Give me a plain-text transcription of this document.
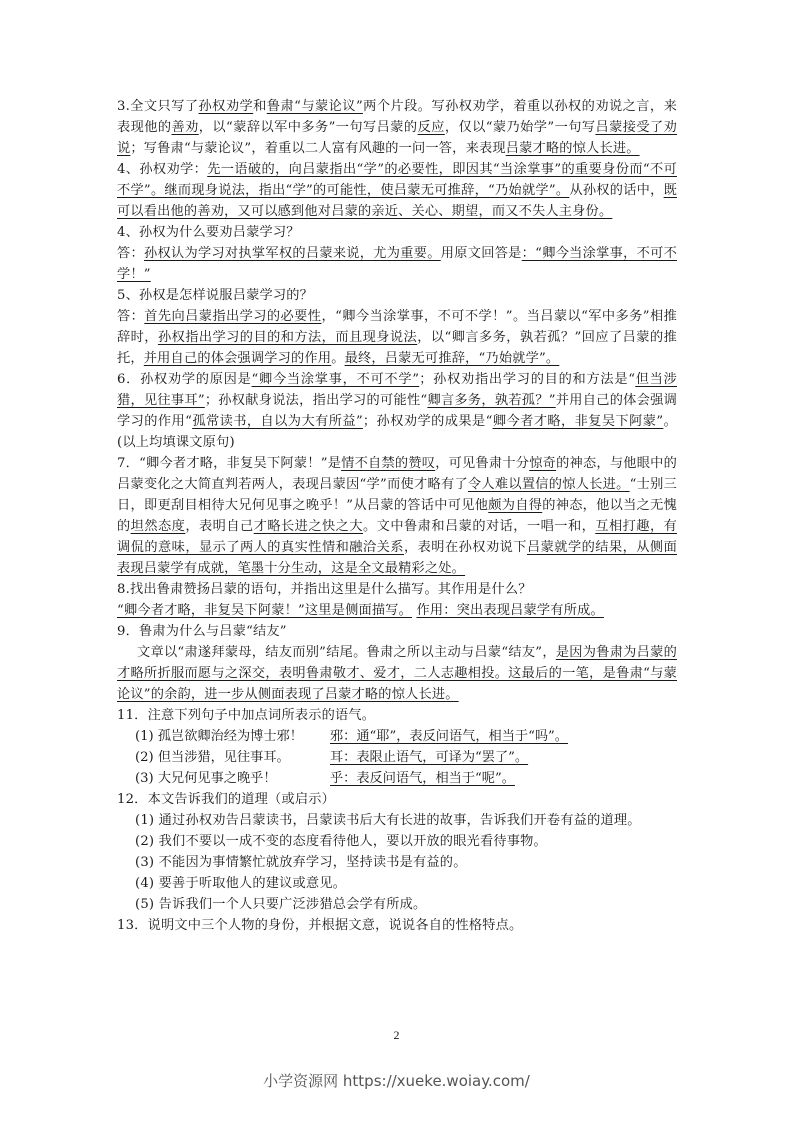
3.全文只写了孙权劝学和鲁肃“与蒙论议”两个片段。写孙权劝学，着重以孙权的劝说之言，来表现他的善劝，以“蒙辞以军中多务”一句写吕蒙的反应，仅以“蒙乃始学”一句写吕蒙接受了劝说；写鲁肃“与蒙论议”，着重以二人富有风趣的一问一答，来表现吕蒙才略的惊人长进。

4、孙权劝学：先一语破的，向吕蒙指出“学”的必要性，即因其“当涂掌事”的重要身份而“不可不学”。继而现身说法，指出“学”的可能性，使吕蒙无可推辞，“乃始就学”。从孙权的话中，既可以看出他的善劝，又可以感到他对吕蒙的亲近、关心、期望，而又不失人主身份。

4、孙权为什么要劝吕蒙学习？

答：孙权认为学习对执掌军权的吕蒙来说，尤为重要。用原文回答是：“卿今当涂掌事，不可不学！”

5、孙权是怎样说服吕蒙学习的？

答：首先向吕蒙指出学习的必要性，“卿今当涂掌事，不可不学！”。当吕蒙以“军中多务”相推辞时，孙权指出学习的目的和方法，而且现身说法，以“卿言多务，孰若孤？”回应了吕蒙的推托，并用自己的体会强调学习的作用。最终，吕蒙无可推辞，“乃始就学”。

6．孙权劝学的原因是“卿今当涂掌事，不可不学”；孙权劝指出学习的目的和方法是“但当涉猎，见往事耳”；孙权献身说法，指出学习的可能性“卿言多务，孰若孤？”并用自己的体会强调学习的作用“孤常读书，自以为大有所益”；孙权劝学的成果是“卿今者才略，非复吴下阿蒙”。(以上均填课文原句)

7．“卿今者才略，非复吴下阿蒙！”是情不自禁的赞叹，可见鲁肃十分惊奇的神态，与他眼中的吕蒙变化之大简直判若两人，表现吕蒙因“学”而使才略有了令人难以置信的惊人长进。“士别三日，即更刮目相待大兄何见事之晚乎！”从吕蒙的答话中可见他颇为自得的神态，他以当之无愧的坦然态度，表明自己才略长进之快之大。文中鲁肃和吕蒙的对话，一唱一和，互相打趣，有调侃的意味，显示了两人的真实性情和融洽关系，表明在孙权劝说下吕蒙就学的结果，从侧面表现吕蒙学有成就，笔墨十分生动，这是全文最精彩之处。

8.找出鲁肃赞扬吕蒙的语句，并指出这里是什么描写。其作用是什么？

“卿今者才略，非复吴下阿蒙！”这里是侧面描写。 作用：突出表现吕蒙学有所成。

9．鲁肃为什么与吕蒙“结友”

文章以“肃遂拜蒙母，结友而别”结尾。鲁肃之所以主动与吕蒙“结友”，是因为鲁肃为吕蒙的才略所折服而愿与之深交，表明鲁肃敬才、爱才，二人志趣相投。这最后的一笔，是鲁肃“与蒙论议”的余韵，进一步从侧面表现了吕蒙才略的惊人长进。

11．注意下列句子中加点词所表示的语气。

(1) 孤岂欲卿治经为博士邪！	邪：通“耶”，表反问语气，相当于“吗”。
(2) 但当涉猎，见往事耳。	耳：表限止语气，可译为“罢了”。
(3) 大兄何见事之晚乎！	乎：表反问语气，相当于“呢”。

12．本文告诉我们的道理（或启示）

(1) 通过孙权劝告吕蒙读书，吕蒙读书后大有长进的故事，告诉我们开卷有益的道理。

(2) 我们不要以一成不变的态度看待他人，要以开放的眼光看待事物。

(3) 不能因为事情繁忙就放弃学习，坚持读书是有益的。

(4) 要善于听取他人的建议或意见。

(5) 告诉我们一个人只要广泛涉猎总会学有所成。

13．说明文中三个人物的身份，并根据文意，说说各自的性格特点。

2
小学资源网 https://xueke.woiay.com/
